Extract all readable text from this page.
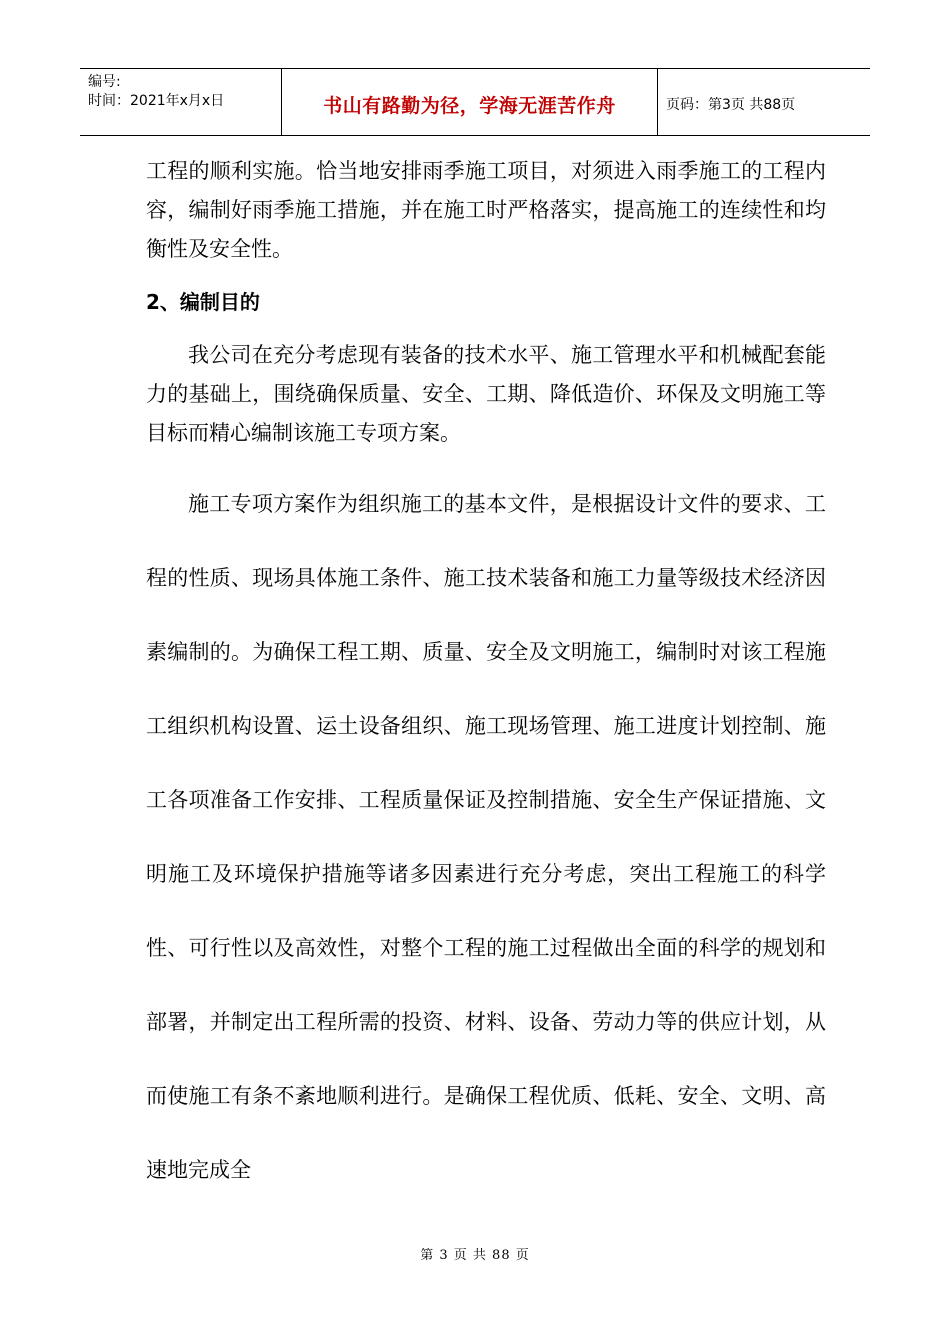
编号:
时间：2021年x月x日	书山有路勤为径，学海无涯苦作舟	页码：第3页 共88页

工程的顺利实施。恰当地安排雨季施工项目，对须进入雨季施工的工程内容，编制好雨季施工措施，并在施工时严格落实，提高施工的连续性和均衡性及安全性。

2、编制目的

我公司在充分考虑现有装备的技术水平、施工管理水平和机械配套能力的基础上，围绕确保质量、安全、工期、降低造价、环保及文明施工等目标而精心编制该施工专项方案。

施工专项方案作为组织施工的基本文件，是根据设计文件的要求、工程的性质、现场具体施工条件、施工技术装备和施工力量等级技术经济因素编制的。为确保工程工期、质量、安全及文明施工，编制时对该工程施工组织机构设置、运土设备组织、施工现场管理、施工进度计划控制、施工各项准备工作安排、工程质量保证及控制措施、安全生产保证措施、文明施工及环境保护措施等诸多因素进行充分考虑，突出工程施工的科学性、可行性以及高效性，对整个工程的施工过程做出全面的科学的规划和部署，并制定出工程所需的投资、材料、设备、劳动力等的供应计划，从而使施工有条不紊地顺利进行。是确保工程优质、低耗、安全、文明、高速地完成全

第 3 页 共 88 页
